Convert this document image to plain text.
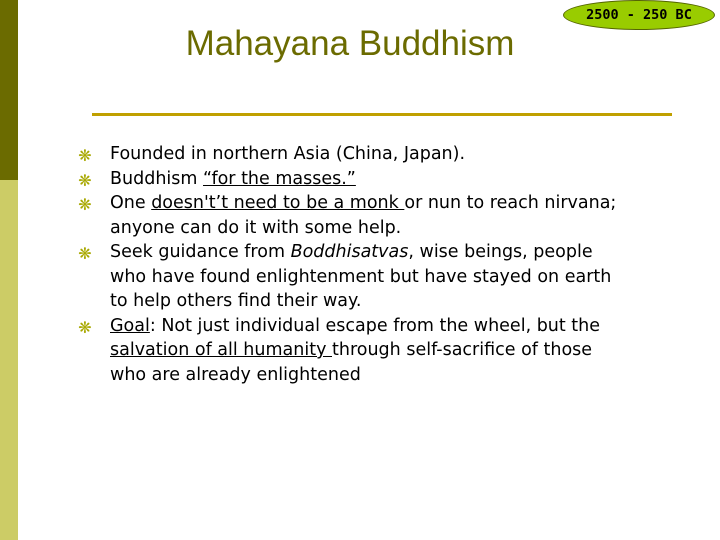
Mahayana Buddhism
2500 - 250 BC
❋ Founded in northern Asia (China, Japan).
❋ Buddhism “for the masses.”
❋ One doesn't’t need to be a monk or nun to reach nirvana; anyone can do it with some help.
❋ Seek guidance from Boddhisatvas, wise beings, people who have found enlightenment but have stayed on earth to help others find their way.
❋ Goal: Not just individual escape from the wheel, but the salvation of all humanity through self-sacrifice of those who are already enlightened
